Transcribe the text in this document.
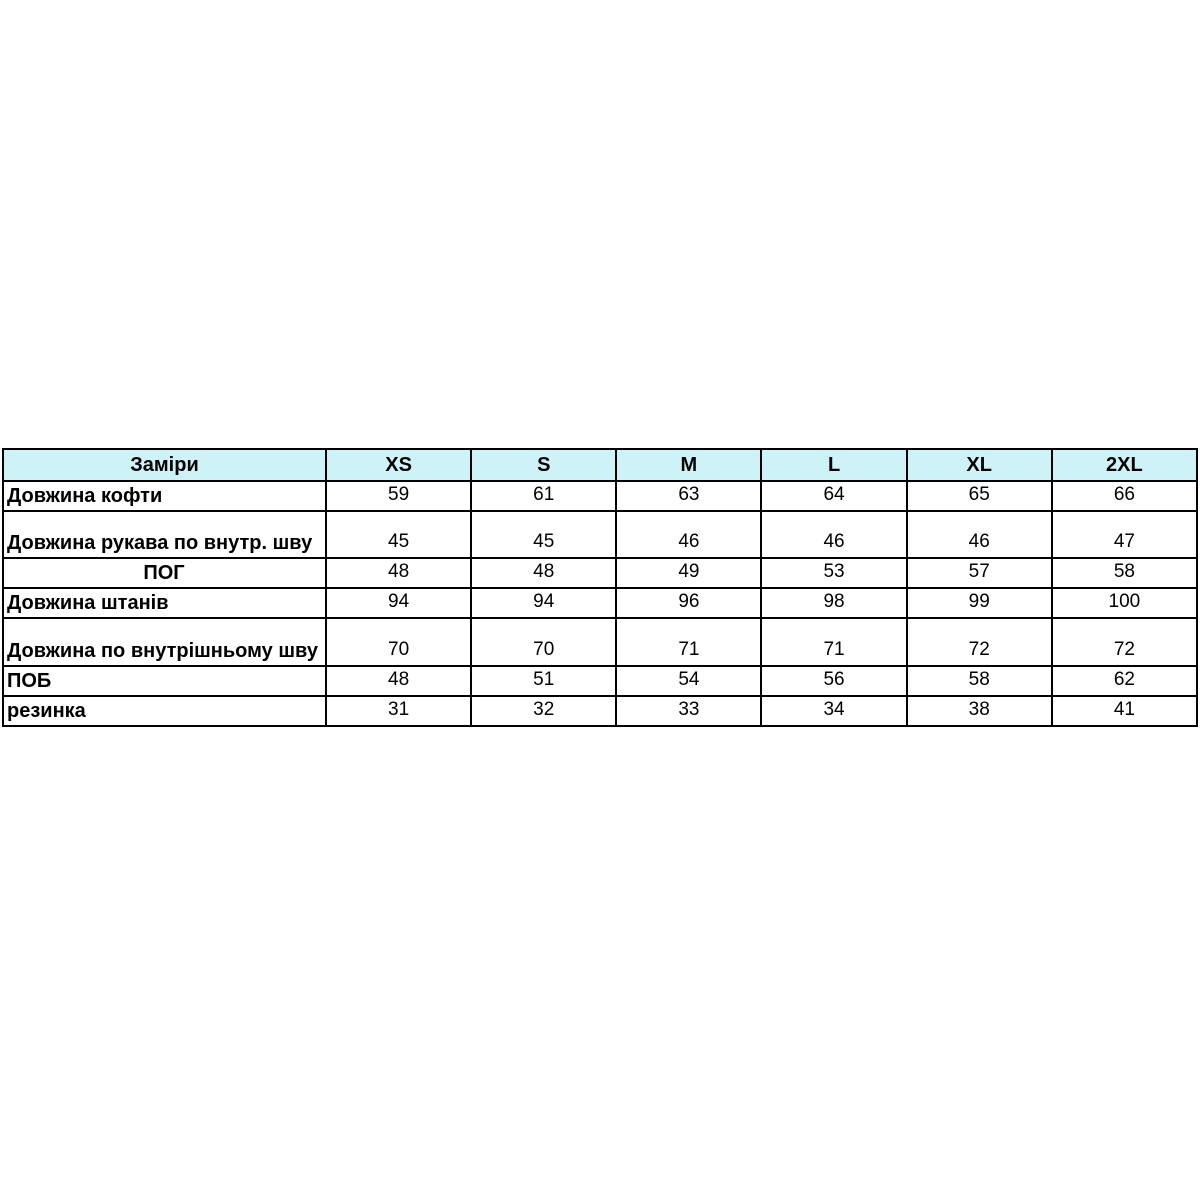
Заміри	XS	S	M	L	XL	2XL
Довжина кофти	59	61	63	64	65	66
Довжина рукава по внутр. шву	45	45	46	46	46	47
ПОГ	48	48	49	53	57	58
Довжина штанів	94	94	96	98	99	100
Довжина по внутрішньому шву	70	70	71	71	72	72
ПОБ	48	51	54	56	58	62
резинка	31	32	33	34	38	41
